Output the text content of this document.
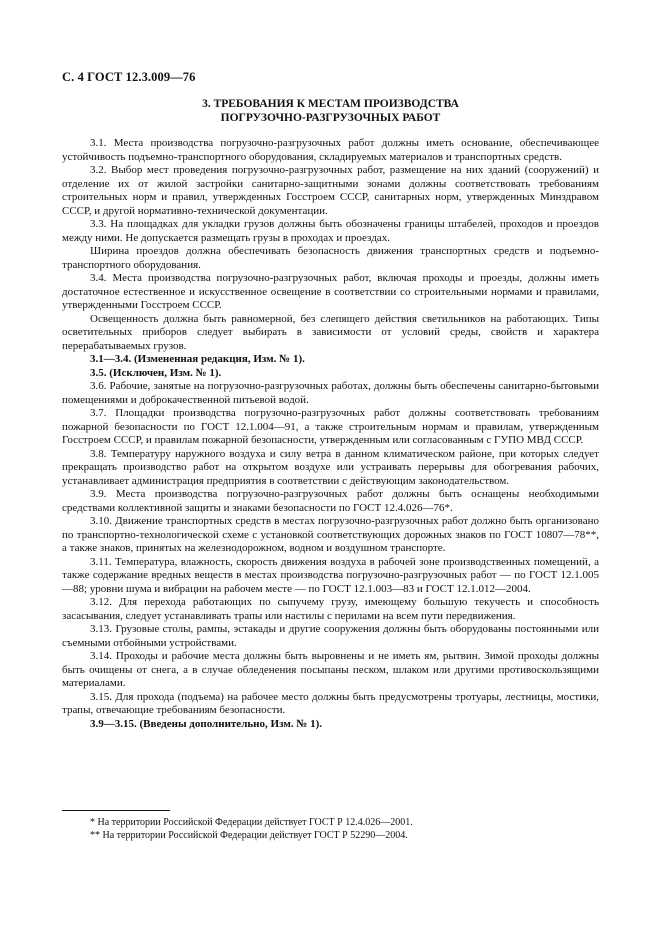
С. 4 ГОСТ 12.3.009—76
3. ТРЕБОВАНИЯ К МЕСТАМ ПРОИЗВОДСТВА
ПОГРУЗОЧНО-РАЗГРУЗОЧНЫХ РАБОТ

3.1. Места производства погрузочно-разгрузочных работ должны иметь основание, обеспечивающее устойчивость подъемно-транспортного оборудования, складируемых материалов и транспортных средств.

3.2. Выбор мест проведения погрузочно-разгрузочных работ, размещение на них зданий (сооружений) и отделение их от жилой застройки санитарно-защитными зонами должны соответствовать требованиям строительных норм и правил, утвержденных Госстроем СССР, санитарных норм, утвержденных Минздравом СССР, и другой нормативно-технической документации.

3.3. На площадках для укладки грузов должны быть обозначены границы штабелей, проходов и проездов между ними. Не допускается размещать грузы в проходах и проездах.

Ширина проездов должна обеспечивать безопасность движения транспортных средств и подъемно-транспортного оборудования.

3.4. Места производства погрузочно-разгрузочных работ, включая проходы и проезды, должны иметь достаточное естественное и искусственное освещение в соответствии со строительными нормами и правилами, утвержденными Госстроем СССР.

Освещенность должна быть равномерной, без слепящего действия светильников на работающих. Типы осветительных приборов следует выбирать в зависимости от условий среды, свойств и характера перерабатываемых грузов.

3.1—3.4. (Измененная редакция, Изм. № 1).

3.5. (Исключен, Изм. № 1).

3.6. Рабочие, занятые на погрузочно-разгрузочных работах, должны быть обеспечены санитарно-бытовыми помещениями и доброкачественной питьевой водой.

3.7. Площадки производства погрузочно-разгрузочных работ должны соответствовать требованиям пожарной безопасности по ГОСТ 12.1.004—91, а также строительным нормам и правилам, утвержденным Госстроем СССР, и правилам пожарной безопасности, утвержденным или согласованным с ГУПО МВД СССР.

3.8. Температуру наружного воздуха и силу ветра в данном климатическом районе, при которых следует прекращать производство работ на открытом воздухе или устраивать перерывы для обогревания рабочих, устанавливает администрация предприятия в соответствии с действующим законодательством.

3.9. Места производства погрузочно-разгрузочных работ должны быть оснащены необходимыми средствами коллективной защиты и знаками безопасности по ГОСТ 12.4.026—76*.

3.10. Движение транспортных средств в местах погрузочно-разгрузочных работ должно быть организовано по транспортно-технологической схеме с установкой соответствующих дорожных знаков по ГОСТ 10807—78**, а также знаков, принятых на железнодорожном, водном и воздушном транспорте.

3.11. Температура, влажность, скорость движения воздуха в рабочей зоне производственных помещений, а также содержание вредных веществ в местах производства погрузочно-разгрузочных работ — по ГОСТ 12.1.005—88; уровни шума и вибрации на рабочем месте — по ГОСТ 12.1.003—83 и ГОСТ 12.1.012—2004.

3.12. Для перехода работающих по сыпучему грузу, имеющему большую текучесть и способность засасывания, следует устанавливать трапы или настилы с перилами на всем пути передвижения.

3.13. Грузовые столы, рампы, эстакады и другие сооружения должны быть оборудованы постоянными или съемными отбойными устройствами.

3.14. Проходы и рабочие места должны быть выровнены и не иметь ям, рытвин. Зимой проходы должны быть очищены от снега, а в случае обледенения посыпаны песком, шлаком или другими противоскользящими материалами.

3.15. Для прохода (подъема) на рабочее место должны быть предусмотрены тротуары, лестницы, мостики, трапы, отвечающие требованиям безопасности.

3.9—3.15. (Введены дополнительно, Изм. № 1).

* На территории Российской Федерации действует ГОСТ Р 12.4.026—2001.

** На территории Российской Федерации действует ГОСТ Р 52290—2004.
